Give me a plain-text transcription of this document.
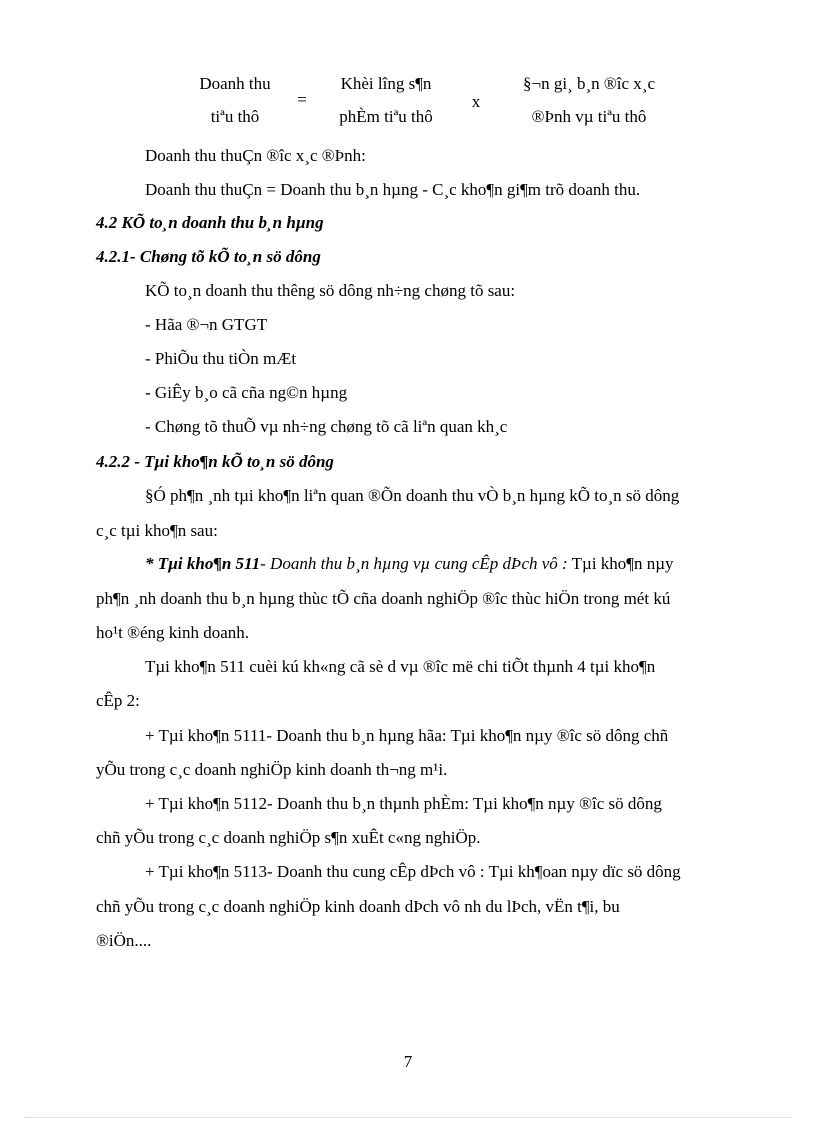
Doanh thu
tiªu thô
=
Khèi lîng s¶n
phÈm tiªu thô
x
§¬n gi¸ b¸n ®îc x¸c
®Þnh vµ tiªu thô
Doanh thu thuÇn ®îc x¸c ®Þnh:
Doanh thu thuÇn = Doanh thu b¸n hµng - C¸c kho¶n gi¶m trõ doanh thu.
4.2 KÕ to¸n doanh thu b¸n hµng
4.2.1- Chøng tõ kÕ to¸n sö dông
KÕ to¸n doanh thu thêng sö dông nh÷ng chøng tõ sau:
- Hãa ®¬n GTGT
- PhiÕu thu tiÒn mÆt
- GiÊy b¸o cã cña ng©n hµng
- Chøng tõ thuÕ vµ nh÷ng chøng tõ cã liªn quan kh¸c
4.2.2 - Tµi kho¶n kÕ to¸n sö dông
§Ó ph¶n ¸nh tµi kho¶n liªn quan ®Õn doanh thu vÒ b¸n hµng kÕ to¸n sö dông
c¸c tµi kho¶n sau:
* Tµi kho¶n 511- Doanh thu b¸n hµng vµ cung cÊp dÞch vô : Tµi kho¶n nµy
ph¶n ¸nh doanh thu b¸n hµng thùc tÕ cña doanh nghiÖp ®îc thùc hiÖn trong mét kú
ho¹t ®éng kinh doanh.
Tµi kho¶n 511 cuèi kú kh«ng cã sè d vµ ®îc më chi tiÕt thµnh 4 tµi kho¶n
cÊp 2:
+ Tµi kho¶n 5111- Doanh thu b¸n hµng hãa: Tµi kho¶n nµy ®îc sö dông chñ
yÕu trong c¸c doanh nghiÖp kinh doanh th¬ng m¹i.
+ Tµi kho¶n 5112- Doanh thu b¸n thµnh phÈm: Tµi kho¶n nµy ®îc sö dông
chñ yÕu trong c¸c doanh nghiÖp s¶n xuÊt c«ng nghiÖp.
+ Tµi kho¶n 5113- Doanh thu cung cÊp dÞch vô : Tµi kh¶oan nµy dïc sö dông
chñ yÕu trong c¸c doanh nghiÖp kinh doanh dÞch vô nh du lÞch, vËn t¶i, bu
®iÖn....
7
